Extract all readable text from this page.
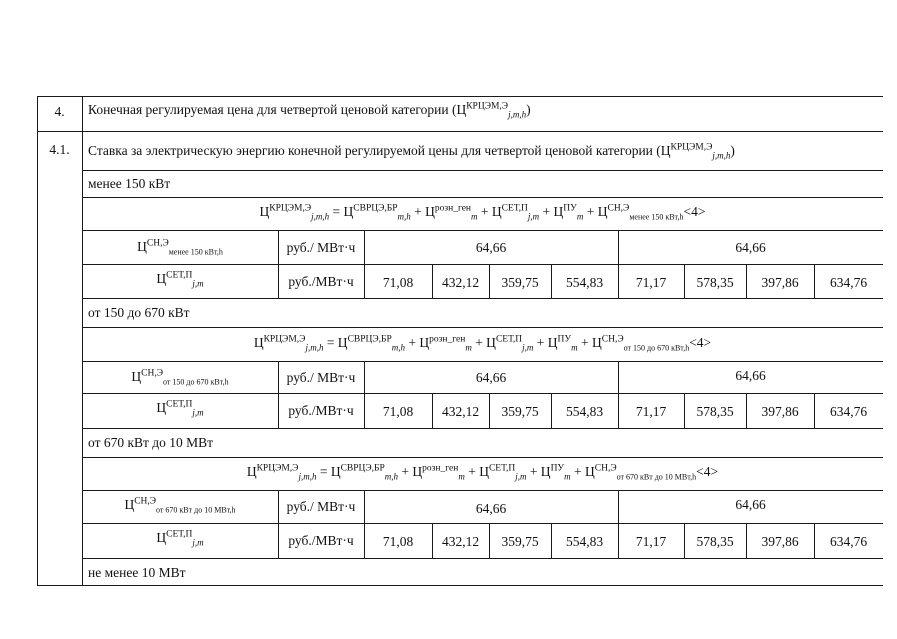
4.	Конечная регулируемая цена для четвертой ценовой категории $(Ц^{КРЦЭМ,Э}_{j,m,h})$
4.1.	Ставка за электрическую энергию конечной регулируемой цены для четвертой ценовой категории $(Ц^{КРЦЭМ,Э}_{j,m,h})$
менее 150 кВт
$Ц^{КРЦЭМ,Э}_{j,m,h} = Ц^{СВРЦЭ,БР}_{m,h} + Ц^{розн\_ген}_m + Ц^{СЕТ,П}_{j,m} + Ц^{ПУ}_m + Ц^{СН,Э}_{менее 150 кВт,h}<4>$
$Ц^{СН,Э}_{менее 150 кВт,h}$	руб./ МВт·ч	64,66	64,66
$Ц^{СЕТ,П}_{j,m}$	руб./МВт·ч	71,08	432,12	359,75	554,83	71,17	578,35	397,86	634,76
от 150 до 670 кВт
$Ц^{КРЦЭМ,Э}_{j,m,h} = Ц^{СВРЦЭ,БР}_{m,h} + Ц^{розн\_ген}_m + Ц^{СЕТ,П}_{j,m} + Ц^{ПУ}_m + Ц^{СН,Э}_{от 150 до 670 кВт,h}<4>$
$Ц^{СН,Э}_{от 150 до 670 кВт,h}$	руб./ МВт·ч	64,66	64,66
$Ц^{СЕТ,П}_{j,m}$	руб./МВт·ч	71,08	432,12	359,75	554,83	71,17	578,35	397,86	634,76
от 670 кВт до 10 МВт
$Ц^{КРЦЭМ,Э}_{j,m,h} = Ц^{СВРЦЭ,БР}_{m,h} + Ц^{розн\_ген}_m + Ц^{СЕТ,П}_{j,m} + Ц^{ПУ}_m + Ц^{СН,Э}_{от 670 кВт до 10 МВт,h}<4>$
$Ц^{СН,Э}_{от 670 кВт до 10 МВт,h}$	руб./ МВт·ч	64,66	64,66
$Ц^{СЕТ,П}_{j,m}$	руб./МВт·ч	71,08	432,12	359,75	554,83	71,17	578,35	397,86	634,76
не менее 10 МВт
